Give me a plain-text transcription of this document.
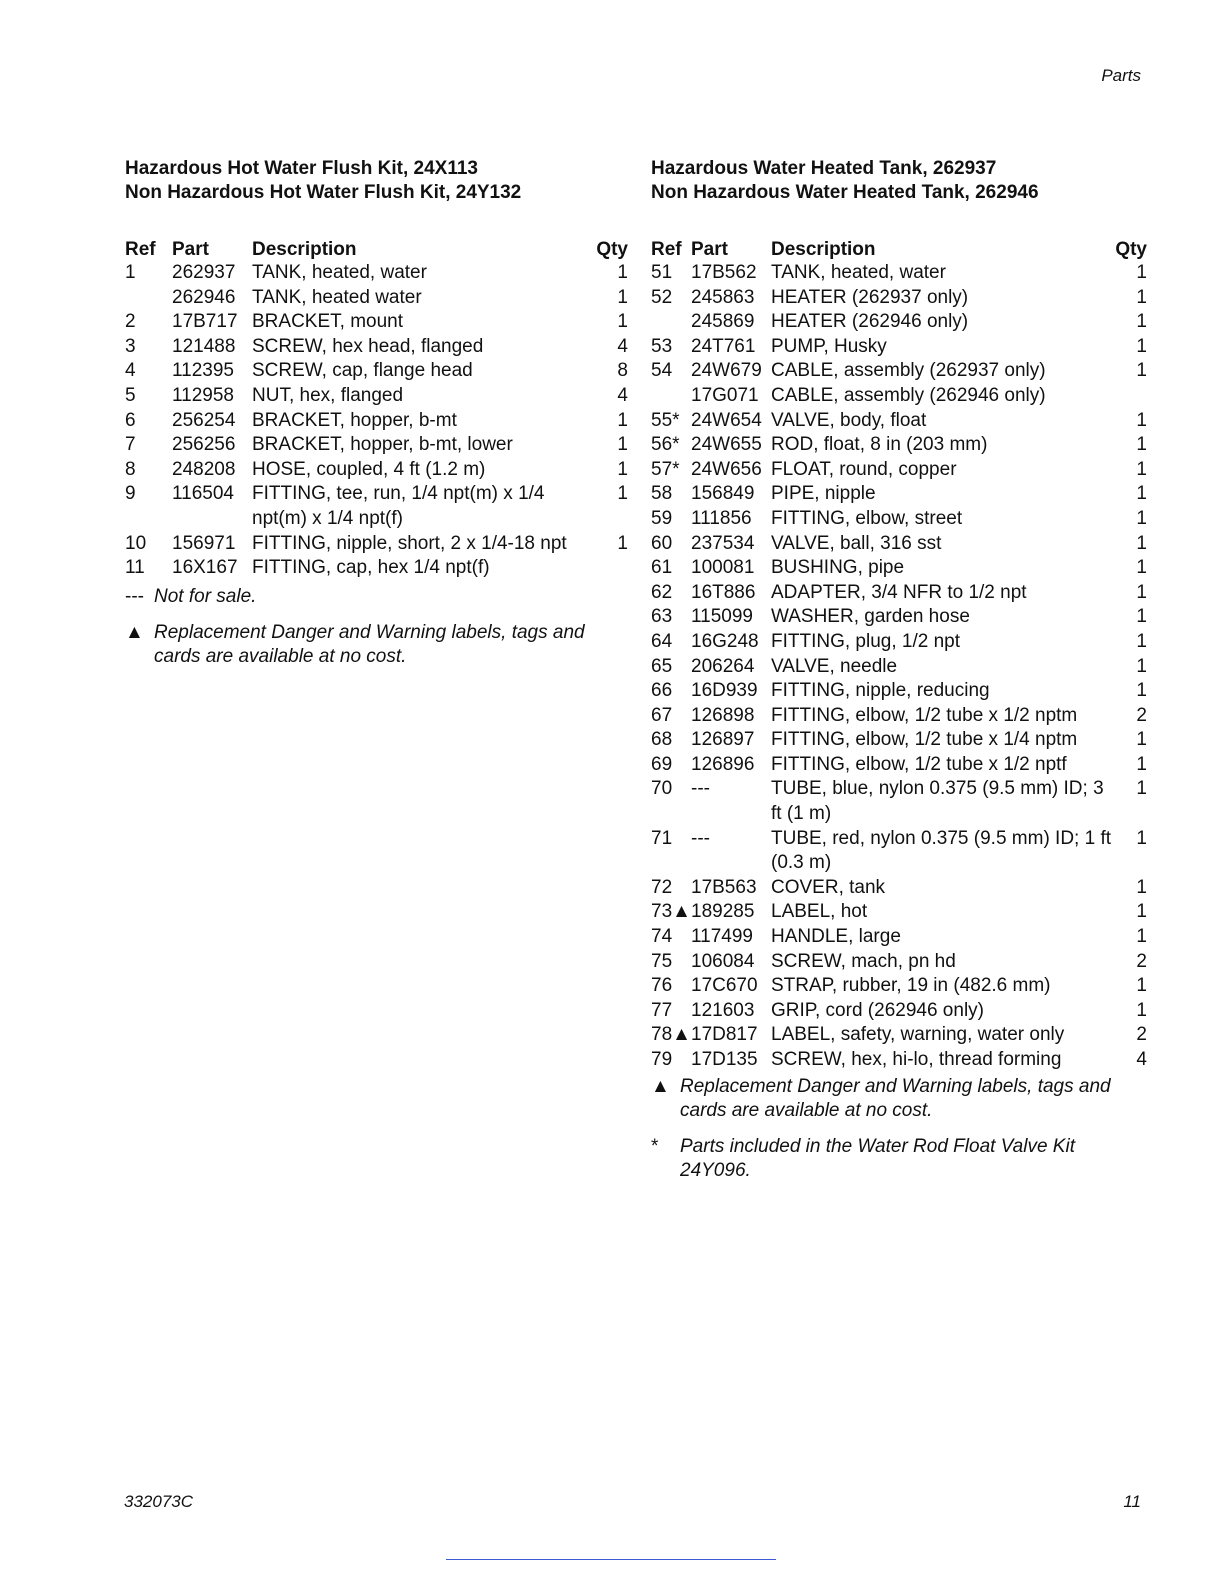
Parts
Hazardous Hot Water Flush Kit, 24X113
Non Hazardous Hot Water Flush Kit, 24Y132
Ref	Part	Description	Qty
1	262937	TANK, heated, water	1
	262946	TANK, heated water	1
2	17B717	BRACKET, mount	1
3	121488	SCREW, hex head, flanged	4
4	112395	SCREW, cap, flange head	8
5	112958	NUT, hex, flanged	4
6	256254	BRACKET, hopper, b-mt	1
7	256256	BRACKET, hopper, b-mt, lower	1
8	248208	HOSE, coupled, 4 ft (1.2 m)	1
9	116504	FITTING, tee, run, 1/4 npt(m) x 1/4 npt(m) x 1/4 npt(f)	1
10	156971	FITTING, nipple, short, 2 x 1/4-18 npt	1
11	16X167	FITTING, cap, hex 1/4 npt(f)	
--- Not for sale.
▲ Replacement Danger and Warning labels, tags and cards are available at no cost.
Hazardous Water Heated Tank, 262937
Non Hazardous Water Heated Tank, 262946
Ref	Part	Description	Qty
51	17B562	TANK, heated, water	1
52	245863	HEATER (262937 only)	1
	245869	HEATER (262946 only)	1
53	24T761	PUMP, Husky	1
54	24W679	CABLE, assembly (262937 only)	1
	17G071	CABLE, assembly (262946 only)	
55*	24W654	VALVE, body, float	1
56*	24W655	ROD, float, 8 in (203 mm)	1
57*	24W656	FLOAT, round, copper	1
58	156849	PIPE, nipple	1
59	111856	FITTING, elbow, street	1
60	237534	VALVE, ball, 316 sst	1
61	100081	BUSHING, pipe	1
62	16T886	ADAPTER, 3/4 NFR to 1/2 npt	1
63	115099	WASHER, garden hose	1
64	16G248	FITTING, plug, 1/2 npt	1
65	206264	VALVE, needle	1
66	16D939	FITTING, nipple, reducing	1
67	126898	FITTING, elbow, 1/2 tube x 1/2 nptm	2
68	126897	FITTING, elbow, 1/2 tube x 1/4 nptm	1
69	126896	FITTING, elbow, 1/2 tube x 1/2 nptf	1
70	---	TUBE, blue, nylon 0.375 (9.5 mm) ID; 3 ft (1 m)	1
71	---	TUBE, red, nylon 0.375 (9.5 mm) ID; 1 ft (0.3 m)	1
72	17B563	COVER, tank	1
73▲	189285	LABEL, hot	1
74	117499	HANDLE, large	1
75	106084	SCREW, mach, pn hd	2
76	17C670	STRAP, rubber, 19 in (482.6 mm)	1
77	121603	GRIP, cord (262946 only)	1
78▲	17D817	LABEL, safety, warning, water only	2
79	17D135	SCREW, hex, hi-lo, thread forming	4
▲ Replacement Danger and Warning labels, tags and cards are available at no cost.
*	Parts included in the Water Rod Float Valve Kit 24Y096.
332073C	11
